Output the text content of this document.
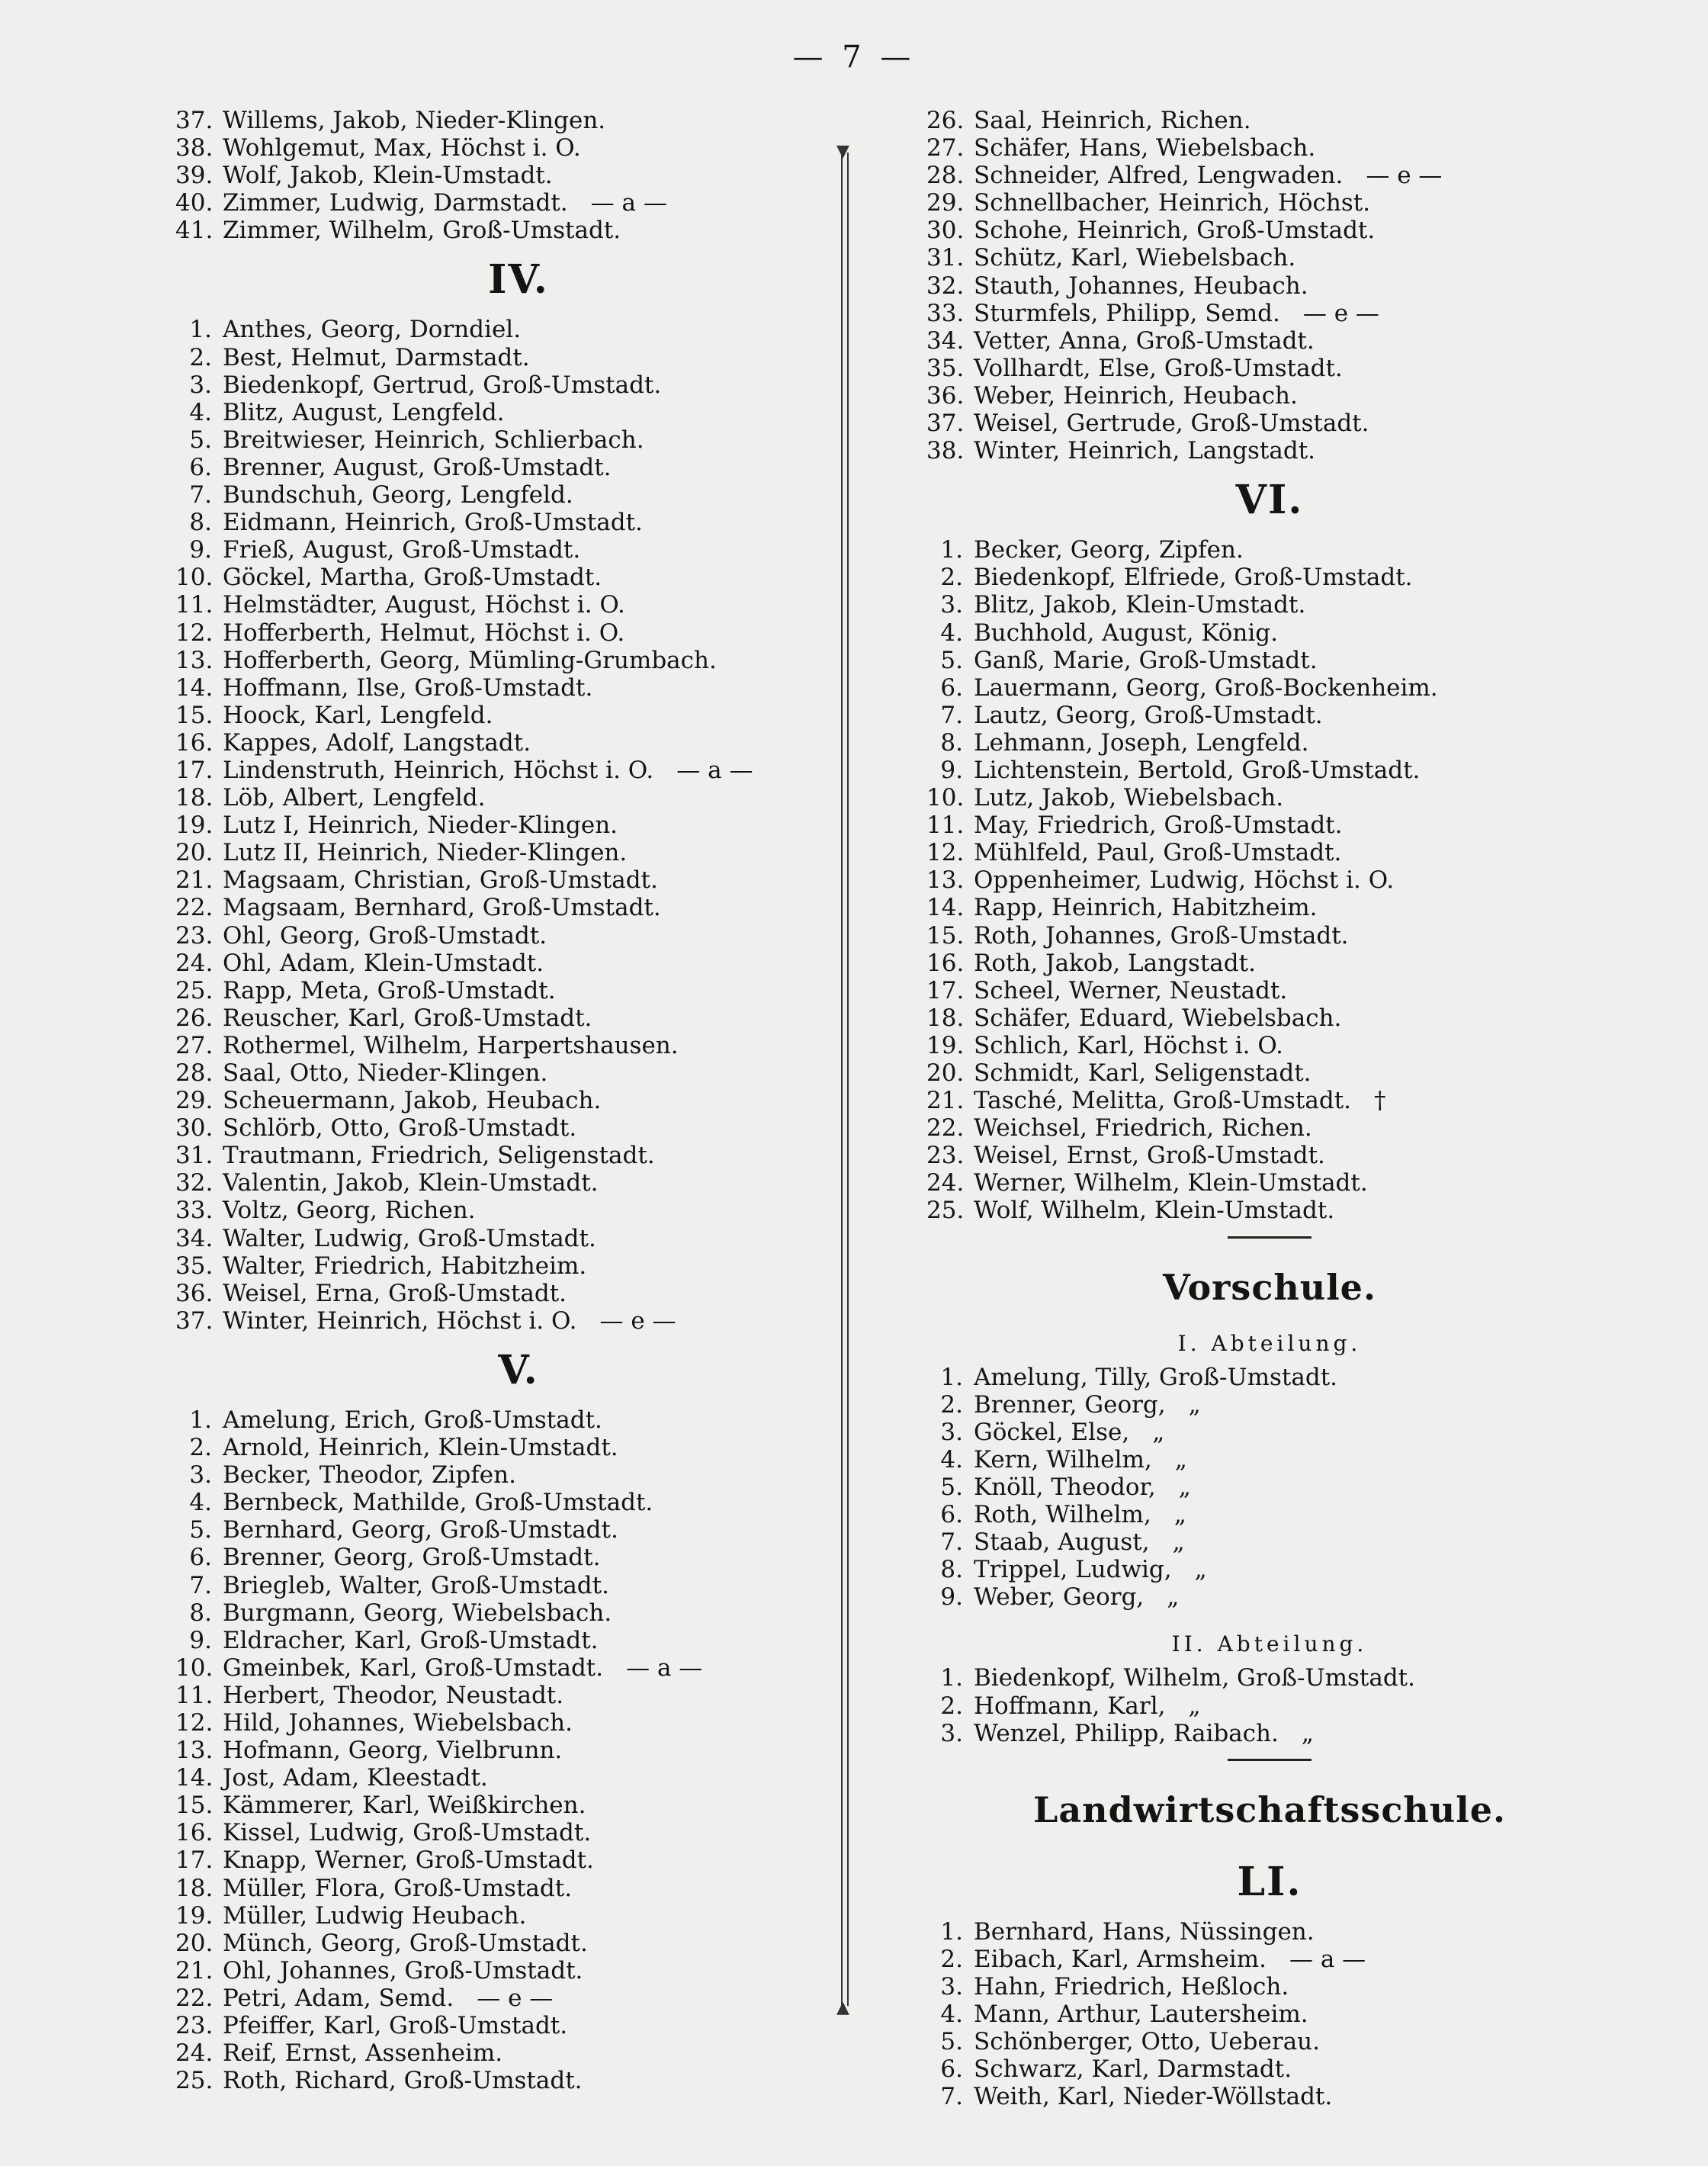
— 7 —
▼
▲
37. Willems, Jakob, Nieder-Klingen.
38. Wohlgemut, Max, Höchst i. O.
39. Wolf, Jakob, Klein-Umstadt.
40. Zimmer, Ludwig, Darmstadt. — a —
41. Zimmer, Wilhelm, Groß-Umstadt.
IV.
1. Anthes, Georg, Dorndiel.
2. Best, Helmut, Darmstadt.
3. Biedenkopf, Gertrud, Groß-Umstadt.
4. Blitz, August, Lengfeld.
5. Breitwieser, Heinrich, Schlierbach.
6. Brenner, August, Groß-Umstadt.
7. Bundschuh, Georg, Lengfeld.
8. Eidmann, Heinrich, Groß-Umstadt.
9. Frieß, August, Groß-Umstadt.
10. Göckel, Martha, Groß-Umstadt.
11. Helmstädter, August, Höchst i. O.
12. Hofferberth, Helmut, Höchst i. O.
13. Hofferberth, Georg, Mümling-Grumbach.
14. Hoffmann, Ilse, Groß-Umstadt.
15. Hoock, Karl, Lengfeld.
16. Kappes, Adolf, Langstadt.
17. Lindenstruth, Heinrich, Höchst i. O. — a —
18. Löb, Albert, Lengfeld.
19. Lutz I, Heinrich, Nieder-Klingen.
20. Lutz II, Heinrich, Nieder-Klingen.
21. Magsaam, Christian, Groß-Umstadt.
22. Magsaam, Bernhard, Groß-Umstadt.
23. Ohl, Georg, Groß-Umstadt.
24. Ohl, Adam, Klein-Umstadt.
25. Rapp, Meta, Groß-Umstadt.
26. Reuscher, Karl, Groß-Umstadt.
27. Rothermel, Wilhelm, Harpertshausen.
28. Saal, Otto, Nieder-Klingen.
29. Scheuermann, Jakob, Heubach.
30. Schlörb, Otto, Groß-Umstadt.
31. Trautmann, Friedrich, Seligenstadt.
32. Valentin, Jakob, Klein-Umstadt.
33. Voltz, Georg, Richen.
34. Walter, Ludwig, Groß-Umstadt.
35. Walter, Friedrich, Habitzheim.
36. Weisel, Erna, Groß-Umstadt.
37. Winter, Heinrich, Höchst i. O. — e —
V.
1. Amelung, Erich, Groß-Umstadt.
2. Arnold, Heinrich, Klein-Umstadt.
3. Becker, Theodor, Zipfen.
4. Bernbeck, Mathilde, Groß-Umstadt.
5. Bernhard, Georg, Groß-Umstadt.
6. Brenner, Georg, Groß-Umstadt.
7. Briegleb, Walter, Groß-Umstadt.
8. Burgmann, Georg, Wiebelsbach.
9. Eldracher, Karl, Groß-Umstadt.
10. Gmeinbek, Karl, Groß-Umstadt. — a —
11. Herbert, Theodor, Neustadt.
12. Hild, Johannes, Wiebelsbach.
13. Hofmann, Georg, Vielbrunn.
14. Jost, Adam, Kleestadt.
15. Kämmerer, Karl, Weißkirchen.
16. Kissel, Ludwig, Groß-Umstadt.
17. Knapp, Werner, Groß-Umstadt.
18. Müller, Flora, Groß-Umstadt.
19. Müller, Ludwig Heubach.
20. Münch, Georg, Groß-Umstadt.
21. Ohl, Johannes, Groß-Umstadt.
22. Petri, Adam, Semd. — e —
23. Pfeiffer, Karl, Groß-Umstadt.
24. Reif, Ernst, Assenheim.
25. Roth, Richard, Groß-Umstadt.
26. Saal, Heinrich, Richen.
27. Schäfer, Hans, Wiebelsbach.
28. Schneider, Alfred, Lengwaden. — e —
29. Schnellbacher, Heinrich, Höchst.
30. Schohe, Heinrich, Groß-Umstadt.
31. Schütz, Karl, Wiebelsbach.
32. Stauth, Johannes, Heubach.
33. Sturmfels, Philipp, Semd. — e —
34. Vetter, Anna, Groß-Umstadt.
35. Vollhardt, Else, Groß-Umstadt.
36. Weber, Heinrich, Heubach.
37. Weisel, Gertrude, Groß-Umstadt.
38. Winter, Heinrich, Langstadt.
VI.
1. Becker, Georg, Zipfen.
2. Biedenkopf, Elfriede, Groß-Umstadt.
3. Blitz, Jakob, Klein-Umstadt.
4. Buchhold, August, König.
5. Ganß, Marie, Groß-Umstadt.
6. Lauermann, Georg, Groß-Bockenheim.
7. Lautz, Georg, Groß-Umstadt.
8. Lehmann, Joseph, Lengfeld.
9. Lichtenstein, Bertold, Groß-Umstadt.
10. Lutz, Jakob, Wiebelsbach.
11. May, Friedrich, Groß-Umstadt.
12. Mühlfeld, Paul, Groß-Umstadt.
13. Oppenheimer, Ludwig, Höchst i. O.
14. Rapp, Heinrich, Habitzheim.
15. Roth, Johannes, Groß-Umstadt.
16. Roth, Jakob, Langstadt.
17. Scheel, Werner, Neustadt.
18. Schäfer, Eduard, Wiebelsbach.
19. Schlich, Karl, Höchst i. O.
20. Schmidt, Karl, Seligenstadt.
21. Tasché, Melitta, Groß-Umstadt. †
22. Weichsel, Friedrich, Richen.
23. Weisel, Ernst, Groß-Umstadt.
24. Werner, Wilhelm, Klein-Umstadt.
25. Wolf, Wilhelm, Klein-Umstadt.
Vorschule.
I. Abteilung.
1. Amelung, Tilly, Groß-Umstadt.
2. Brenner, Georg, „
3. Göckel, Else, „
4. Kern, Wilhelm, „
5. Knöll, Theodor, „
6. Roth, Wilhelm, „
7. Staab, August, „
8. Trippel, Ludwig, „
9. Weber, Georg, „
II. Abteilung.
1. Biedenkopf, Wilhelm, Groß-Umstadt.
2. Hoffmann, Karl, „
3. Wenzel, Philipp, Raibach. „
Landwirtschaftsschule.
LI.
1. Bernhard, Hans, Nüssingen.
2. Eibach, Karl, Armsheim. — a —
3. Hahn, Friedrich, Heßloch.
4. Mann, Arthur, Lautersheim.
5. Schönberger, Otto, Ueberau.
6. Schwarz, Karl, Darmstadt.
7. Weith, Karl, Nieder-Wöllstadt.
